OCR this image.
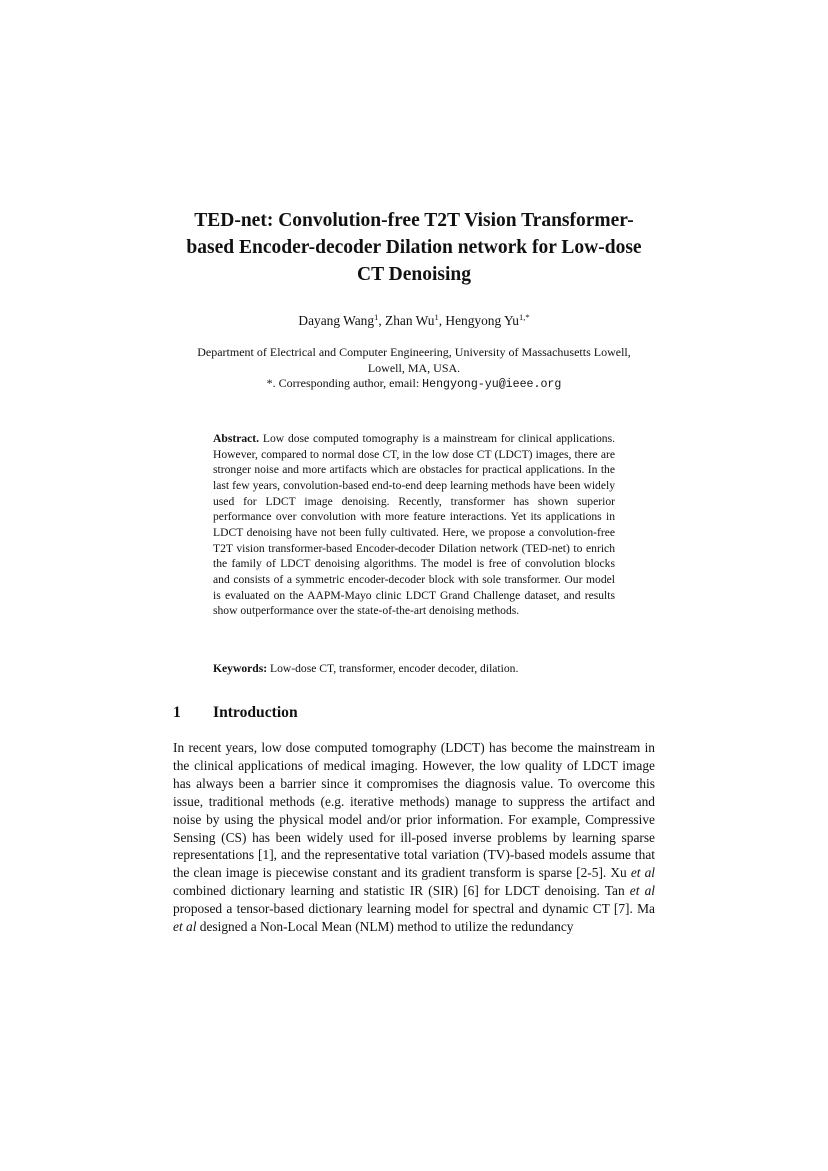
TED-net: Convolution-free T2T Vision Transformer-
based Encoder-decoder Dilation network for Low-dose
CT Denoising
Dayang Wang$^1$, Zhan Wu$^1$, Hengyong $Yu^{1,*}$
Department of Electrical and Computer Engineering, University of Massachusetts Lowell,
Lowell, MA, USA.
*. Corresponding author, email: Hengyong-yu@ieee.org
Abstract. Low dose computed tomography is a mainstream for clinical applications. However, compared to normal dose CT, in the low dose CT (LDCT) images, there are stronger noise and more artifacts which are obstacles for practical applications. In the last few years, convolution-based end-to-end deep learning methods have been widely used for LDCT image denoising. Recently, transformer has shown superior performance over convolution with more feature interactions. Yet its applications in LDCT denoising have not been fully cultivated. Here, we propose a convolution-free T2T vision transformer-based Encoder-decoder Dilation network (TED-net) to enrich the family of LDCT denoising algorithms. The model is free of convolution blocks and consists of a symmetric encoder-decoder block with sole transformer. Our model is evaluated on the AAPM-Mayo clinic LDCT Grand Challenge dataset, and results show outperformance over the state-of-the-art denoising methods.
Keywords: Low-dose CT, transformer, encoder decoder, dilation.
1 Introduction
In recent years, low dose computed tomography (LDCT) has become the mainstream in the clinical applications of medical imaging. However, the low quality of LDCT image has always been a barrier since it compromises the diagnosis value. To overcome this issue, traditional methods (e.g. iterative methods) manage to suppress the artifact and noise by using the physical model and/or prior information. For example, Compressive Sensing (CS) has been widely used for ill-posed inverse problems by learning sparse representations [1], and the representative total variation (TV)-based models assume that the clean image is piecewise constant and its gradient transform is sparse [2-5]. Xu et al combined dictionary learning and statistic IR (SIR) [6] for LDCT denoising. Tan et al proposed a tensor-based dictionary learning model for spectral and dynamic CT [7]. Ma et al designed a Non-Local Mean (NLM) method to utilize the redundancy
